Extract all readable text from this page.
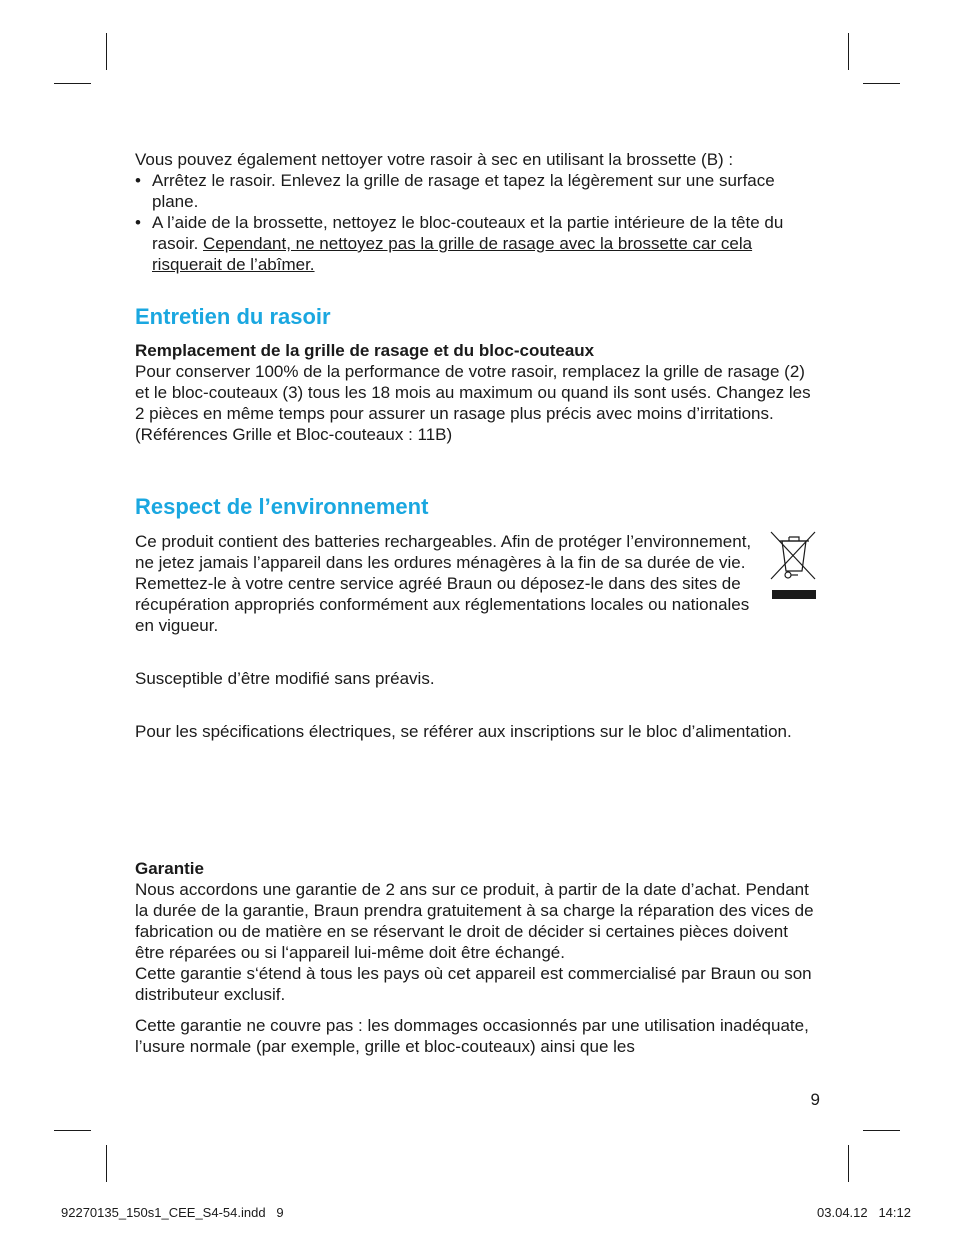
Vous pouvez également nettoyer votre rasoir à sec en utilisant la brossette (B) :

• Arrêtez le rasoir. Enlevez la grille de rasage et tapez la légèrement sur une surface plane.

• A l’aide de la brossette, nettoyez le bloc-couteaux et la partie intérieure de la tête du rasoir. Cependant, ne nettoyez pas la grille de rasage avec la brossette car cela risquerait de l’abîmer.

Entretien du rasoir

Remplacement de la grille de rasage et du bloc-couteaux

Pour conserver 100% de la performance de votre rasoir, remplacez la grille de rasage (2) et le bloc-couteaux (3) tous les 18 mois au maximum ou quand ils sont usés. Changez les 2 pièces en même temps pour assurer un rasage plus précis avec moins d’irritations.

(Références Grille et Bloc-couteaux : 11B)

Respect de l’environnement

Ce produit contient des batteries rechargeables. Afin de protéger l’environnement, ne jetez jamais l’appareil dans les ordures ménagères à la fin de sa durée de vie. Remettez-le à votre centre service agréé Braun ou déposez-le dans des sites de récupération appropriés conformément aux réglementations locales ou nationales en vigueur.

Susceptible d’être modifié sans préavis.

Pour les spécifications électriques, se référer aux inscriptions sur le bloc d’alimentation.

Garantie

Nous accordons une garantie de 2 ans sur ce produit, à partir de la date d’achat. Pendant la durée de la garantie, Braun prendra gratuitement à sa charge la réparation des vices de fabrication ou de matière en se réservant le droit de décider si certaines pièces doivent être réparées ou si l‘appareil lui-même doit être échangé.

Cette garantie s‘étend à tous les pays où cet appareil est commercialisé par Braun ou son distributeur exclusif.

Cette garantie ne couvre pas : les dommages occasionnés par une utilisation inadéquate, l’usure normale (par exemple, grille et bloc-couteaux) ainsi que les

9
92270135_150s1_CEE_S4-54.indd   9	03.04.12   14:12
